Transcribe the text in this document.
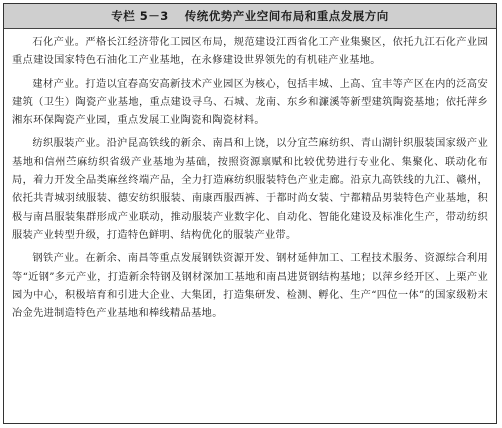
专栏 5－3 传统优势产业空间布局和重点发展方向

石化产业。严格长江经济带化工园区布局，规范建设江西省化工产业集聚区，依托九江石化产业园重点建设国家特色石油化工产业基地，在永修建设世界领先的有机硅产业基地。

建材产业。打造以宜春高安高新技术产业园区为核心，包括丰城、上高、宜丰等产区在内的泛高安建筑（卫生）陶瓷产业基地，重点建设寻乌、石城、龙南、东乡和濂溪等新型建筑陶瓷基地；依托萍乡湘东环保陶瓷产业园，重点发展工业陶瓷和陶瓷材料。

纺织服装产业。沿沪昆高铁线的新余、南昌和上饶，以分宜苎麻纺织、青山湖针织服装国家级产业基地和信州苎麻纺织省级产业基地为基础，按照资源禀赋和比较优势进行专业化、集聚化、联动化布局，着力开发全品类麻丝终端产品，全力打造麻纺织服装特色产业走廊。沿京九高铁线的九江、赣州，依托共青城羽绒服装、德安纺织服装、南康西服西裤、于都时尚女装、宁都精品男装特色产业基地，积极与南昌服装集群形成产业联动，推动服装产业数字化、自动化、智能化建设及标准化生产，带动纺织服装产业转型升级，打造特色鲜明、结构优化的服装产业带。

钢铁产业。在新余、南昌等重点发展钢铁资源开发、钢材延伸加工、工程技术服务、资源综合利用等“近钢”多元产业，打造新余特钢及钢材深加工基地和南昌进贤钢结构基地；以萍乡经开区、上栗产业园为中心，积极培育和引进大企业、大集团，打造集研发、检测、孵化、生产“四位一体”的国家级粉末冶金先进制造特色产业基地和棒线精品基地。
